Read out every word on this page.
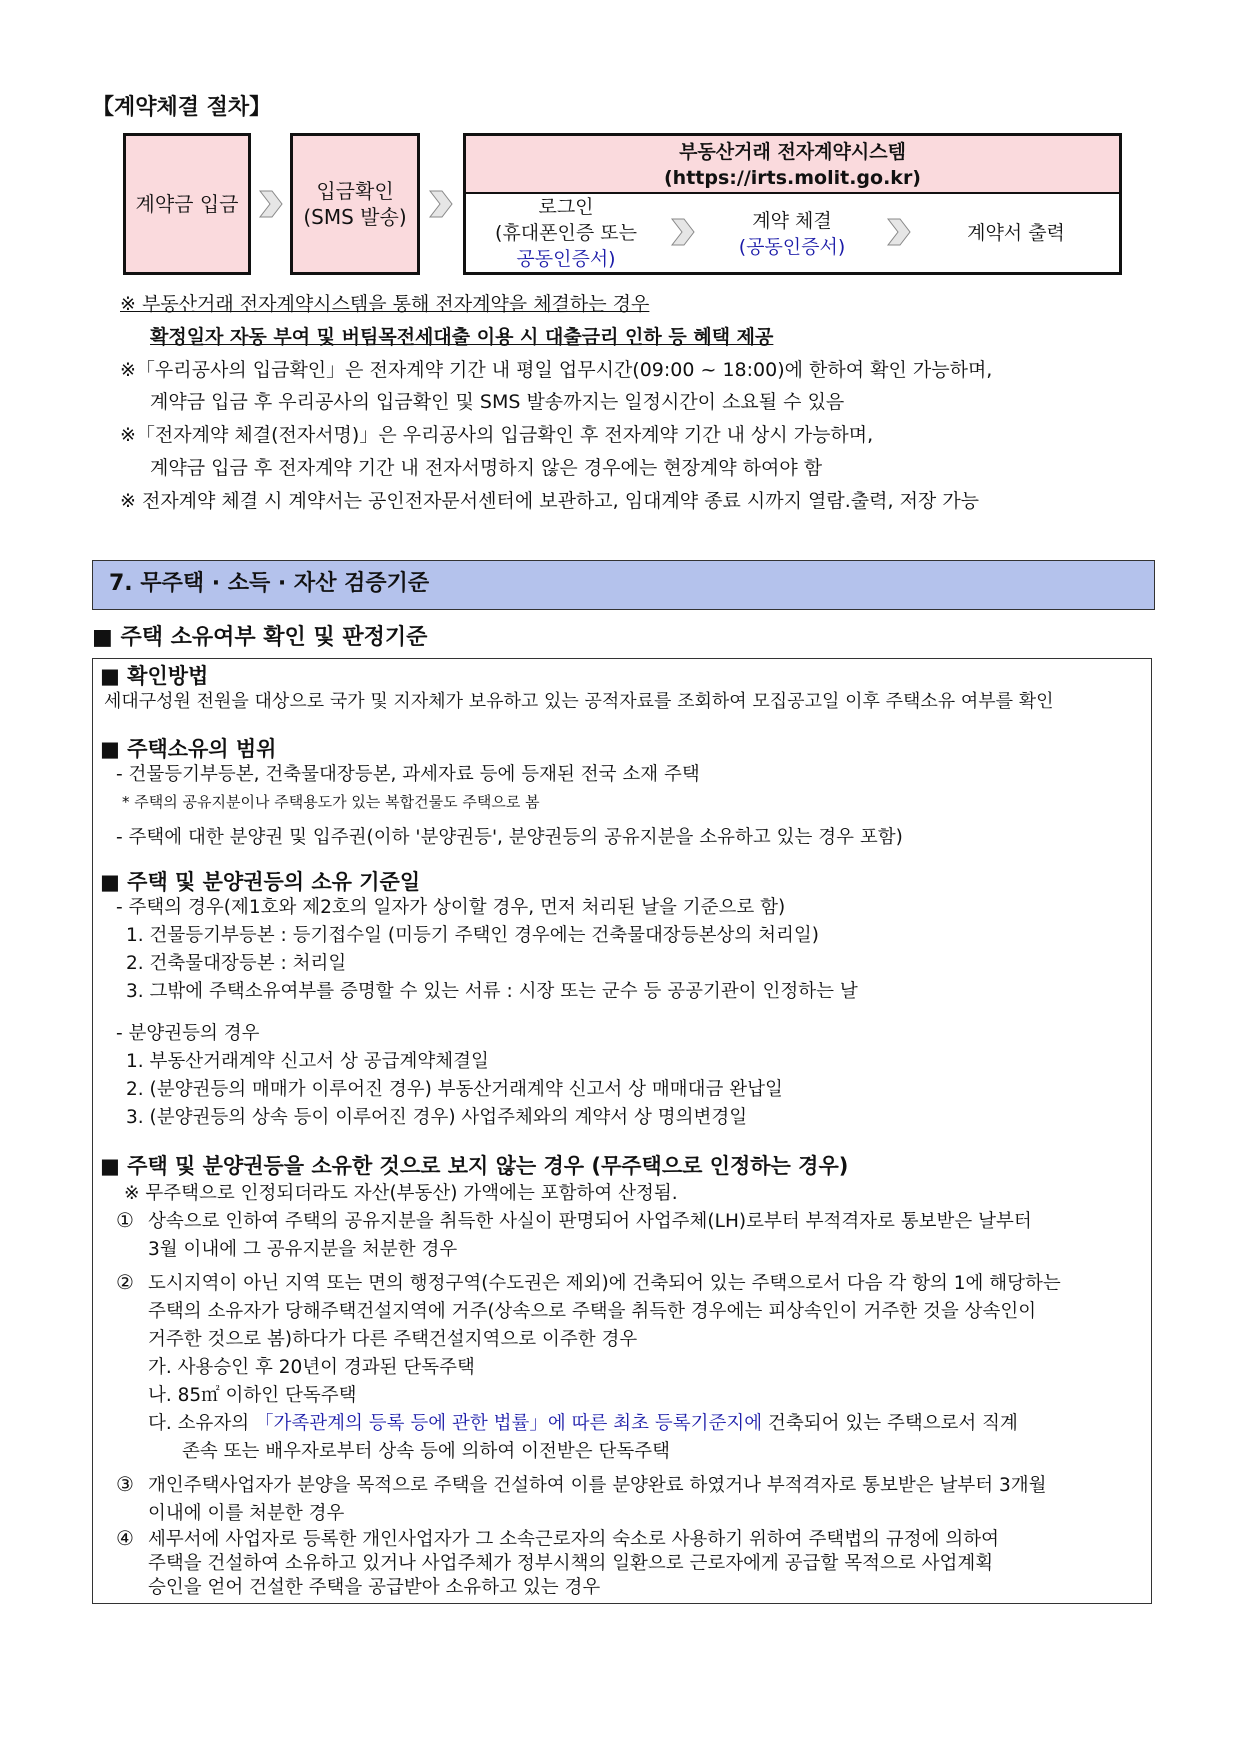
【계약체결 절차】
계약금 입금
입금확인
(SMS 발송)
부동산거래 전자계약시스템
(https://irts.molit.go.kr)
로그인
(휴대폰인증 또는
공동인증서)
계약 체결
(공동인증서)
계약서 출력
※ 부동산거래 전자계약시스템을 통해 전자계약을 체결하는 경우
확정일자 자동 부여 및 버팀목전세대출 이용 시 대출금리 인하 등 혜택 제공
※「우리공사의 입금확인」은 전자계약 기간 내 평일 업무시간(09:00 ~ 18:00)에 한하여 확인 가능하며,
계약금 입금 후 우리공사의 입금확인 및 SMS 발송까지는 일정시간이 소요될 수 있음
※「전자계약 체결(전자서명)」은 우리공사의 입금확인 후 전자계약 기간 내 상시 가능하며,
계약금 입금 후 전자계약 기간 내 전자서명하지 않은 경우에는 현장계약 하여야 함
※ 전자계약 체결 시 계약서는 공인전자문서센터에 보관하고, 임대계약 종료 시까지 열람.출력, 저장 가능
7. 무주택 · 소득 · 자산 검증기준
■ 주택 소유여부 확인 및 판정기준
■ 확인방법
세대구성원 전원을 대상으로 국가 및 지자체가 보유하고 있는 공적자료를 조회하여 모집공고일 이후 주택소유 여부를 확인
■ 주택소유의 범위
- 건물등기부등본, 건축물대장등본, 과세자료 등에 등재된 전국 소재 주택
* 주택의 공유지분이나 주택용도가 있는 복합건물도 주택으로 봄
- 주택에 대한 분양권 및 입주권(이하 '분양권등', 분양권등의 공유지분을 소유하고 있는 경우 포함)
■ 주택 및 분양권등의 소유 기준일
- 주택의 경우(제1호와 제2호의 일자가 상이할 경우, 먼저 처리된 날을 기준으로 함)
1. 건물등기부등본 : 등기접수일 (미등기 주택인 경우에는 건축물대장등본상의 처리일)
2. 건축물대장등본 : 처리일
3. 그밖에 주택소유여부를 증명할 수 있는 서류 : 시장 또는 군수 등 공공기관이 인정하는 날
- 분양권등의 경우
1. 부동산거래계약 신고서 상 공급계약체결일
2. (분양권등의 매매가 이루어진 경우) 부동산거래계약 신고서 상 매매대금 완납일
3. (분양권등의 상속 등이 이루어진 경우) 사업주체와의 계약서 상 명의변경일
■ 주택 및 분양권등을 소유한 것으로 보지 않는 경우 (무주택으로 인정하는 경우)
※ 무주택으로 인정되더라도 자산(부동산) 가액에는 포함하여 산정됨.
① 상속으로 인하여 주택의 공유지분을 취득한 사실이 판명되어 사업주체(LH)로부터 부적격자로 통보받은 날부터
3월 이내에 그 공유지분을 처분한 경우
② 도시지역이 아닌 지역 또는 면의 행정구역(수도권은 제외)에 건축되어 있는 주택으로서 다음 각 항의 1에 해당하는
주택의 소유자가 당해주택건설지역에 거주(상속으로 주택을 취득한 경우에는 피상속인이 거주한 것을 상속인이
거주한 것으로 봄)하다가 다른 주택건설지역으로 이주한 경우
가. 사용승인 후 20년이 경과된 단독주택
나. 85㎡ 이하인 단독주택
다. 소유자의 「가족관계의 등록 등에 관한 법률」에 따른 최초 등록기준지에 건축되어 있는 주택으로서 직계
존속 또는 배우자로부터 상속 등에 의하여 이전받은 단독주택
③ 개인주택사업자가 분양을 목적으로 주택을 건설하여 이를 분양완료 하였거나 부적격자로 통보받은 날부터 3개월
이내에 이를 처분한 경우
④ 세무서에 사업자로 등록한 개인사업자가 그 소속근로자의 숙소로 사용하기 위하여 주택법의 규정에 의하여
주택을 건설하여 소유하고 있거나 사업주체가 정부시책의 일환으로 근로자에게 공급할 목적으로 사업계획
승인을 얻어 건설한 주택을 공급받아 소유하고 있는 경우
